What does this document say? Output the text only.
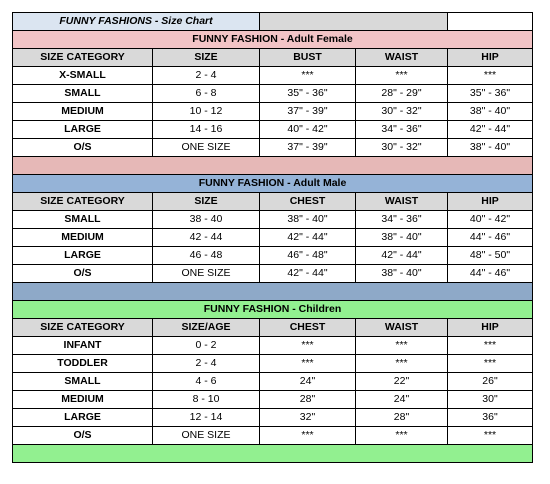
FUNNY FASHIONS - Size Chart				
FUNNY FASHION - Adult Female				
SIZE CATEGORY	SIZE	BUST	WAIST	HIP
X-SMALL	2 - 4	***	***	***
SMALL	6 - 8	35" - 36"	28" - 29"	35" - 36"
MEDIUM	10 - 12	37" - 39"	30" - 32"	38" - 40"
LARGE	14 - 16	40" - 42"	34" - 36"	42" - 44"
O/S	ONE SIZE	37" - 39"	30" - 32"	38" - 40"

FUNNY FASHION - Adult Male				
SIZE CATEGORY	SIZE	CHEST	WAIST	HIP
SMALL	38 - 40	38" - 40"	34" - 36"	40" - 42"
MEDIUM	42 - 44	42" - 44"	38" - 40"	44" - 46"
LARGE	46 - 48	46" - 48"	42" - 44"	48" - 50"
O/S	ONE SIZE	42" - 44"	38" - 40"	44" - 46"

FUNNY FASHION - Children				
SIZE CATEGORY	SIZE/AGE	CHEST	WAIST	HIP
INFANT	0 - 2	***	***	***
TODDLER	2 - 4	***	***	***
SMALL	4 - 6	24"	22"	26"
MEDIUM	8 - 10	28"	24"	30"
LARGE	12 - 14	32"	28"	36"
O/S	ONE SIZE	***	***	***
